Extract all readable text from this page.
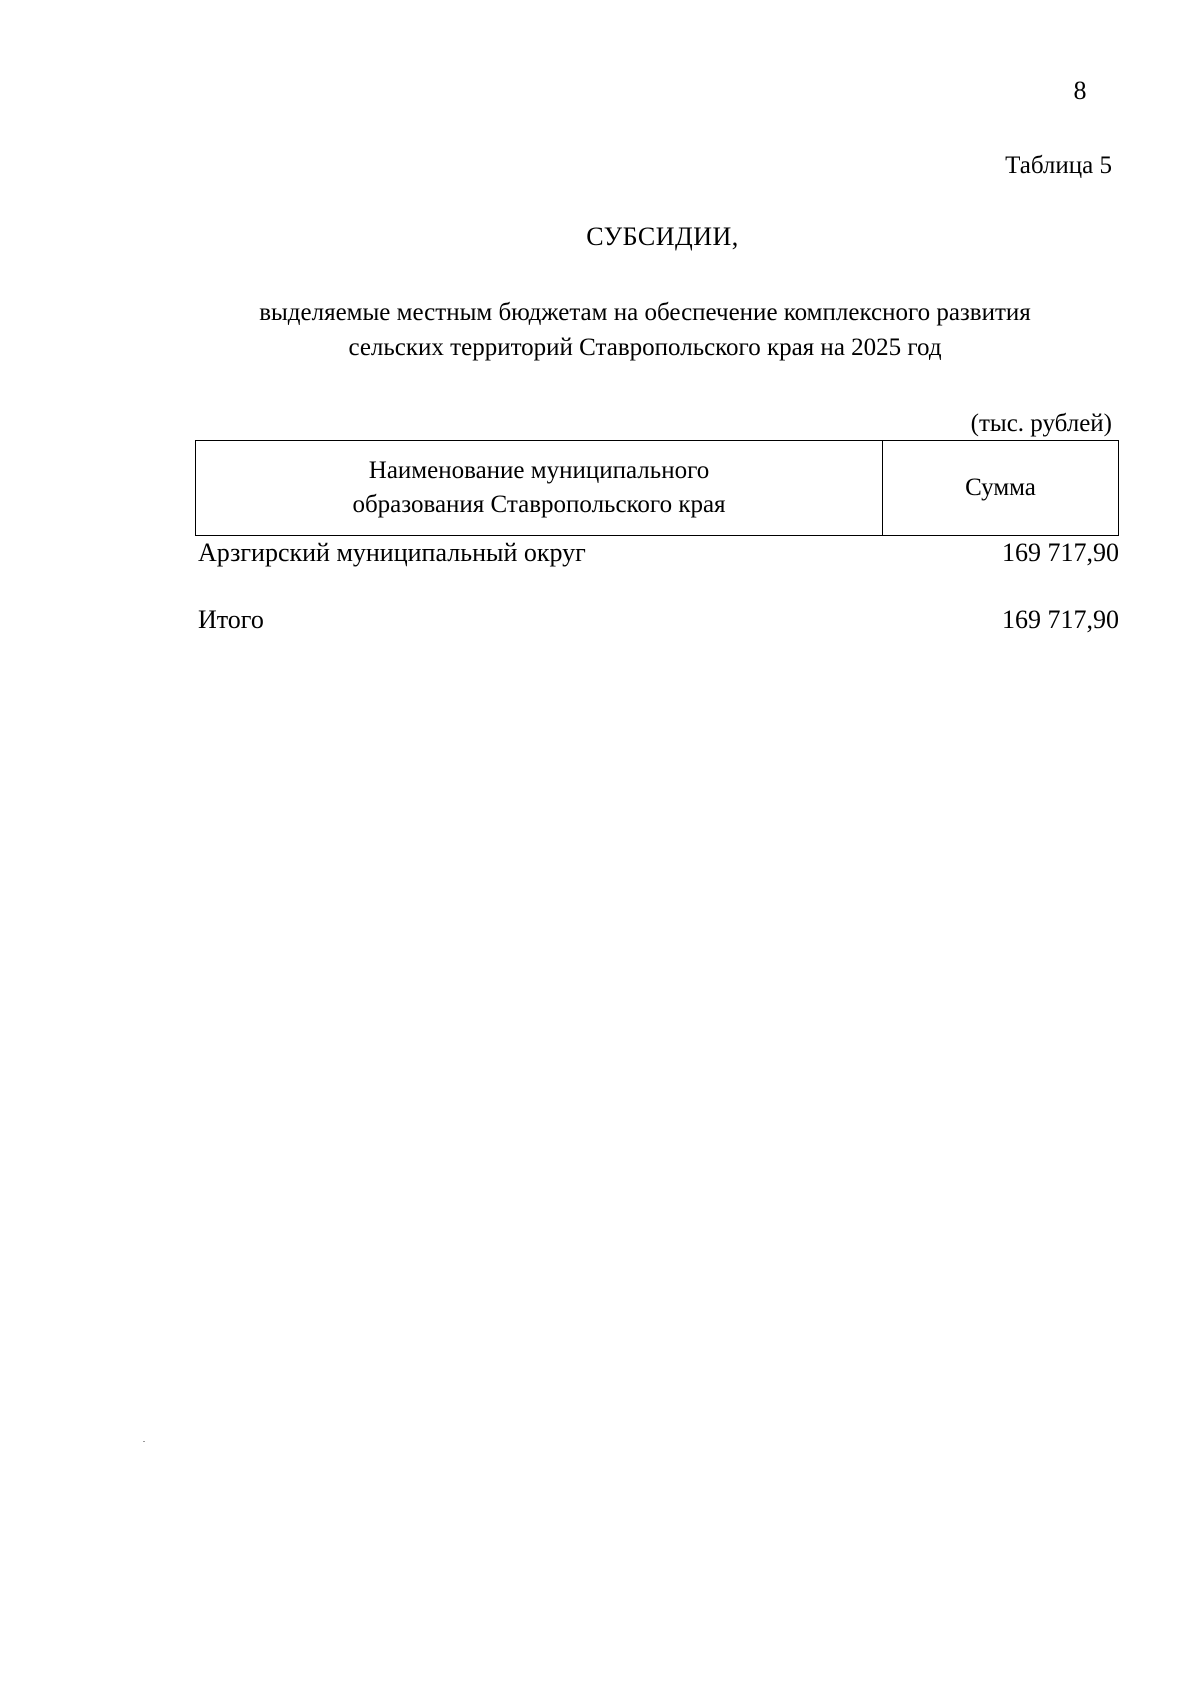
8
Таблица 5
СУБСИДИИ,
выделяемые местным бюджетам на обеспечение комплексного развития
сельских территорий Ставропольского края на 2025 год
(тыс. рублей)
Наименование муниципального
образования Ставропольского края
Сумма
Арзгирский муниципальный округ	169 717,90
Итого	169 717,90
